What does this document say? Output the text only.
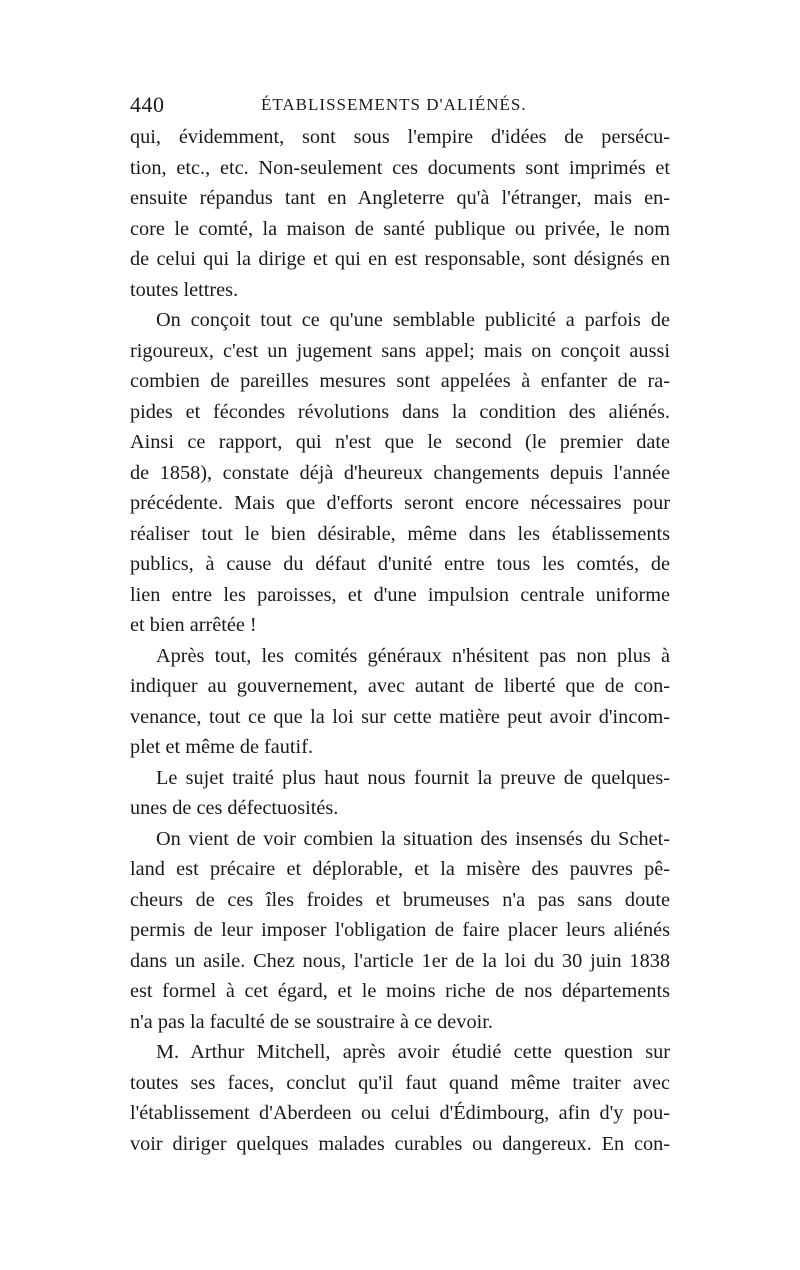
440	ÉTABLISSEMENTS D'ALIÉNÉS.
qui, évidemment, sont sous l'empire d'idées de persécu-
tion, etc., etc. Non-seulement ces documents sont imprimés et
ensuite répandus tant en Angleterre qu'à l'étranger, mais en-
core le comté, la maison de santé publique ou privée, le nom
de celui qui la dirige et qui en est responsable, sont désignés en
toutes lettres.
On conçoit tout ce qu'une semblable publicité a parfois de
rigoureux, c'est un jugement sans appel; mais on conçoit aussi
combien de pareilles mesures sont appelées à enfanter de ra-
pides et fécondes révolutions dans la condition des aliénés.
Ainsi ce rapport, qui n'est que le second (le premier date
de 1858), constate déjà d'heureux changements depuis l'année
précédente. Mais que d'efforts seront encore nécessaires pour
réaliser tout le bien désirable, même dans les établissements
publics, à cause du défaut d'unité entre tous les comtés, de
lien entre les paroisses, et d'une impulsion centrale uniforme
et bien arrêtée !
Après tout, les comités généraux n'hésitent pas non plus à
indiquer au gouvernement, avec autant de liberté que de con-
venance, tout ce que la loi sur cette matière peut avoir d'incom-
plet et même de fautif.
Le sujet traité plus haut nous fournit la preuve de quelques-
unes de ces défectuosités.
On vient de voir combien la situation des insensés du Schet-
land est précaire et déplorable, et la misère des pauvres pê-
cheurs de ces îles froides et brumeuses n'a pas sans doute
permis de leur imposer l'obligation de faire placer leurs aliénés
dans un asile. Chez nous, l'article 1er de la loi du 30 juin 1838
est formel à cet égard, et le moins riche de nos départements
n'a pas la faculté de se soustraire à ce devoir.
M. Arthur Mitchell, après avoir étudié cette question sur
toutes ses faces, conclut qu'il faut quand même traiter avec
l'établissement d'Aberdeen ou celui d'Édimbourg, afin d'y pou-
voir diriger quelques malades curables ou dangereux. En con-
